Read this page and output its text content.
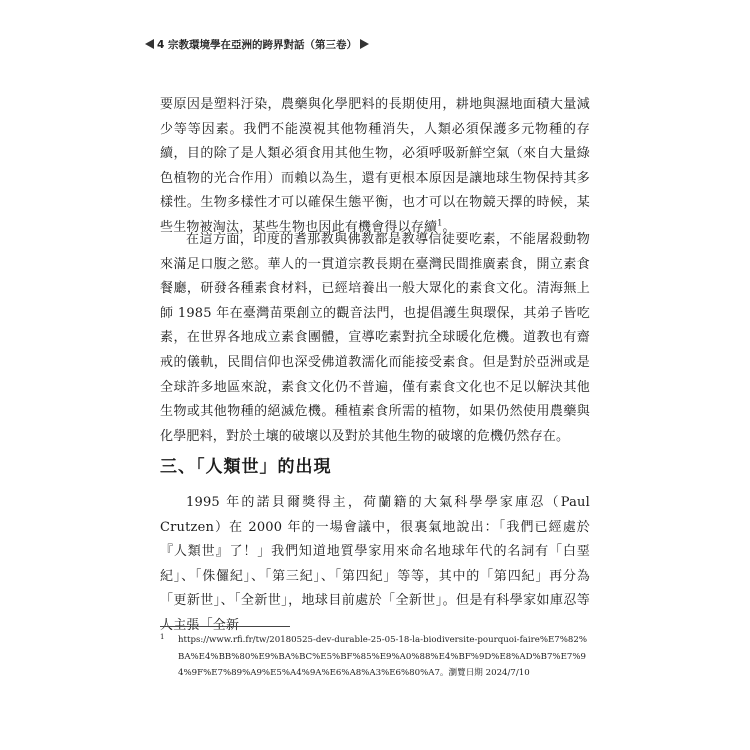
4 宗教環境學在亞洲的跨界對話（第三卷）

要原因是塑料汙染，農藥與化學肥料的長期使用，耕地與濕地面積大量減少等等因素。我們不能漠視其他物種消失，人類必須保護多元物種的存續，目的除了是人類必須食用其他生物，必須呼吸新鮮空氣（來自大量綠色植物的光合作用）而賴以為生，還有更根本原因是讓地球生物保持其多樣性。生物多樣性才可以確保生態平衡，也才可以在物競天擇的時候，某些生物被淘汰，某些生物也因此有機會得以存續$^1$。

在這方面，印度的耆那教與佛教都是教導信徒要吃素，不能屠殺動物來滿足口腹之慾。華人的一貫道宗教長期在臺灣民間推廣素食，開立素食餐廳，研發各種素食材料，已經培養出一般大眾化的素食文化。清海無上師 1985 年在臺灣苗栗創立的觀音法門，也提倡護生與環保，其弟子皆吃素，在世界各地成立素食團體，宣導吃素對抗全球暖化危機。道教也有齋戒的儀軌，民間信仰也深受佛道教濡化而能接受素食。但是對於亞洲或是全球許多地區來說，素食文化仍不普遍，僅有素食文化也不足以解決其他生物或其他物種的絕滅危機。種植素食所需的植物，如果仍然使用農藥與化學肥料，對於土壤的破壞以及對於其他生物的破壞的危機仍然存在。

三、「人類世」的出現

1995 年的諾貝爾獎得主，荷蘭籍的大氣科學學家庫忍（Paul Crutzen）在 2000 年的一場會議中，很裏氣地說出：「我們已經處於『人類世』了！」我們知道地質學家用來命名地球年代的名詞有「白堊紀」、「侏儸紀」、「第三紀」、「第四紀」等等，其中的「第四紀」再分為「更新世」、「全新世」，地球目前處於「全新世」。但是有科學家如庫忍等人主張「全新

1 https://www.rfi.fr/tw/20180525-dev-durable-25-05-18-la-biodiversite-pourquoi-faire%E7%82%BA%E4%BB%80%E9%BA%BC%E5%BF%85%E9%A0%88%E4%BF%9D%E8%AD%B7%E7%94%9F%E7%89%A9%E5%A4%9A%E6%A8%A3%E6%80%A7。瀏覽日期 2024/7/10
